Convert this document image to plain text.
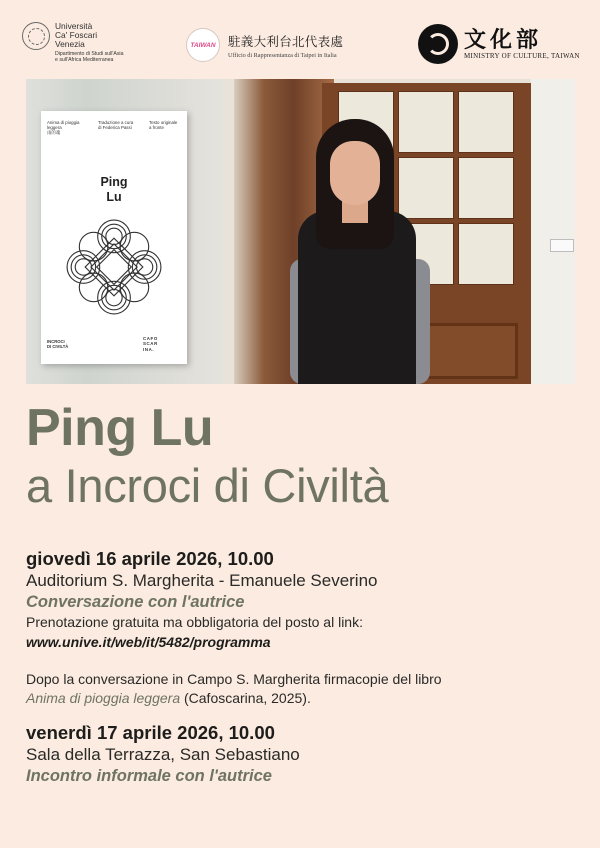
Università
Ca' Foscari
Venezia
Dipartimento di Studi sull'Asia
e sull'Africa Mediterranea
TAIWAN 駐義大利台北代表處
Ufficio di Rappresentanza di Taipei in Italia
文化部
MINISTRY OF CULTURE, TAIWAN
Anima di pioggia leggera
雨的魂
Traduzione a cura
di Federica Passi
Testo originale
a fronte
Ping
Lu
INCROCI
DI CIVILTÀ
CAFO
SCAR
INA.
Ping Lu
a Incroci di Civiltà
giovedì 16 aprile 2026, 10.00
Auditorium S. Margherita - Emanuele Severino
Conversazione con l'autrice
Prenotazione gratuita ma obbligatoria del posto al link:
www.unive.it/web/it/5482/programma
Dopo la conversazione in Campo S. Margherita firmacopie del libro
Anima di pioggia leggera (Cafoscarina, 2025).
venerdì 17 aprile 2026, 10.00
Sala della Terrazza, San Sebastiano
Incontro informale con l'autrice
